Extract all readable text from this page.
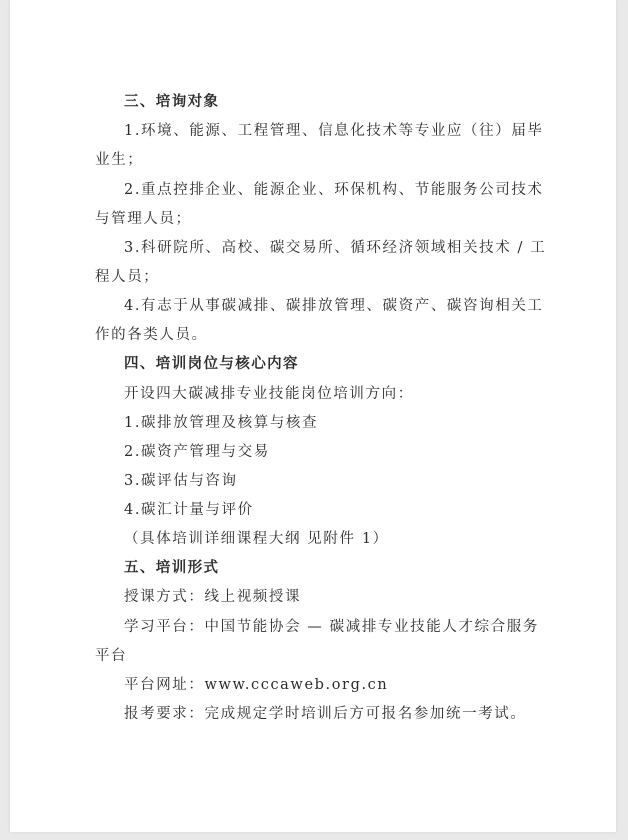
三、培询对象
1.环境、能源、工程管理、信息化技术等专业应（往）届毕
业生；
2.重点控排企业、能源企业、环保机构、节能服务公司技术
与管理人员；
3.科研院所、高校、碳交易所、循环经济领域相关技术 / 工
程人员；
4.有志于从事碳减排、碳排放管理、碳资产、碳咨询相关工
作的各类人员。
四、培训岗位与核心内容
开设四大碳减排专业技能岗位培训方向：
1.碳排放管理及核算与核查
2.碳资产管理与交易
3.碳评估与咨询
4.碳汇计量与评价
（具体培训详细课程大纲 见附件 1）
五、培训形式
授课方式：线上视频授课
学习平台：中国节能协会 — 碳减排专业技能人才综合服务
平台
平台网址：www.cccaweb.org.cn
报考要求：完成规定学时培训后方可报名参加统一考试。
